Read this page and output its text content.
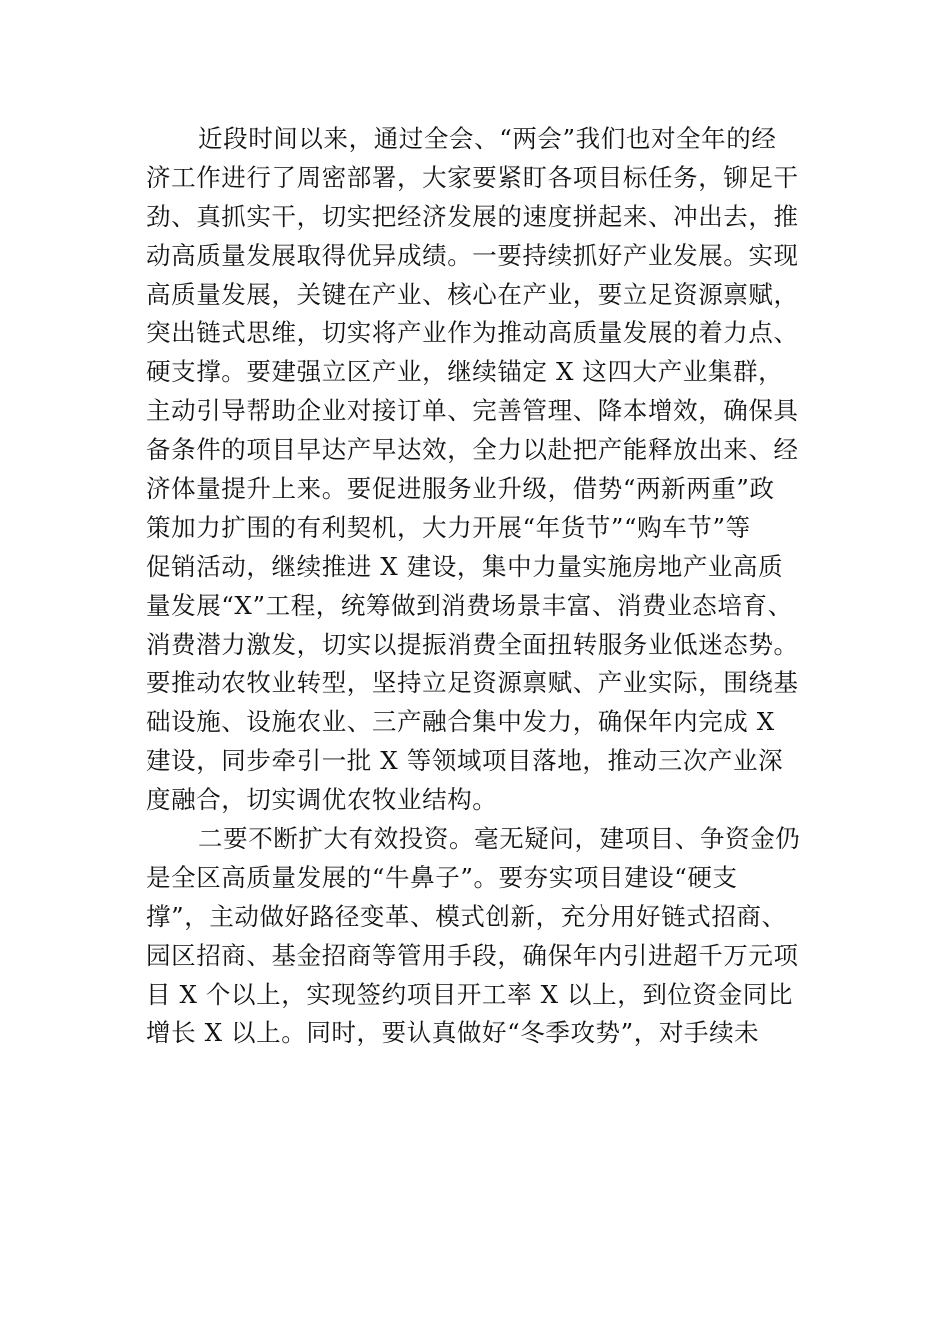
近段时间以来，通过全会、“两会”我们也对全年的经
济工作进行了周密部署，大家要紧盯各项目标任务，铆足干
劲、真抓实干，切实把经济发展的速度拼起来、冲出去，推
动高质量发展取得优异成绩。一要持续抓好产业发展。实现
高质量发展，关键在产业、核心在产业，要立足资源禀赋，
突出链式思维，切实将产业作为推动高质量发展的着力点、
硬支撑。要建强立区产业，继续锚定 X 这四大产业集群，
主动引导帮助企业对接订单、完善管理、降本增效，确保具
备条件的项目早达产早达效，全力以赴把产能释放出来、经
济体量提升上来。要促进服务业升级，借势“两新两重”政
策加力扩围的有利契机，大力开展“年货节”“购车节”等
促销活动，继续推进 X 建设，集中力量实施房地产业高质
量发展“X”工程，统筹做到消费场景丰富、消费业态培育、
消费潜力激发，切实以提振消费全面扭转服务业低迷态势。
要推动农牧业转型，坚持立足资源禀赋、产业实际，围绕基
础设施、设施农业、三产融合集中发力，确保年内完成 X
建设，同步牵引一批 X 等领域项目落地，推动三次产业深
度融合，切实调优农牧业结构。
二要不断扩大有效投资。毫无疑问，建项目、争资金仍
是全区高质量发展的“牛鼻子”。要夯实项目建设“硬支
撑”，主动做好路径变革、模式创新，充分用好链式招商、
园区招商、基金招商等管用手段，确保年内引进超千万元项
目 X 个以上，实现签约项目开工率 X 以上，到位资金同比
增长 X 以上。同时，要认真做好“冬季攻势”，对手续未
